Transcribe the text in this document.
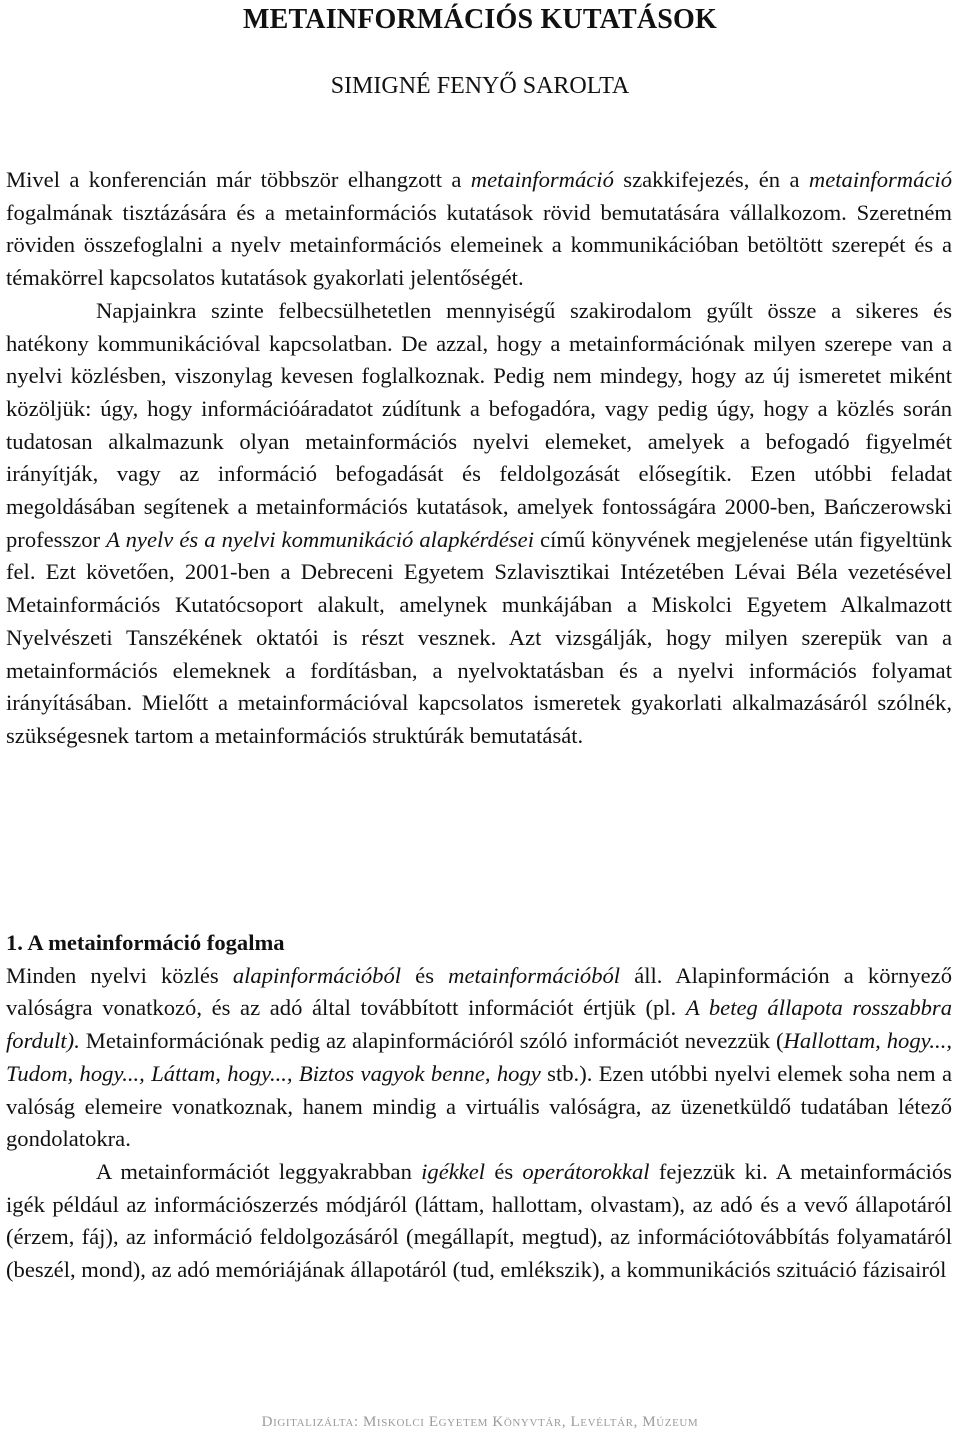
METAINFORMÁCIÓS KUTATÁSOK
SIMIGNÉ FENYŐ SAROLTA

Mivel a konferencián már többször elhangzott a metainformáció szakkifejezés, én a metainformáció fogalmának tisztázására és a metainformációs kutatások rövid bemutatására vállalkozom. Szeretném röviden összefoglalni a nyelv metainformációs elemeinek a kommunikációban betöltött szerepét és a témakörrel kapcsolatos kutatások gyakorlati jelentőségét.

Napjainkra szinte felbecsülhetetlen mennyiségű szakirodalom gyűlt össze a sikeres és hatékony kommunikációval kapcsolatban. De azzal, hogy a metainformációnak milyen szerepe van a nyelvi közlésben, viszonylag kevesen foglalkoznak. Pedig nem mindegy, hogy az új ismeretet miként közöljük: úgy, hogy információáradatot zúdítunk a befogadóra, vagy pedig úgy, hogy a közlés során tudatosan alkalmazunk olyan metainformációs nyelvi elemeket, amelyek a befogadó figyelmét irányítják, vagy az információ befogadását és feldolgozását elősegítik. Ezen utóbbi feladat megoldásában segítenek a metainformációs kutatások, amelyek fontosságára 2000-ben, Bańczerowski professzor A nyelv és a nyelvi kommunikáció alapkérdései című könyvének megjelenése után figyeltünk fel. Ezt követően, 2001-ben a Debreceni Egyetem Szlavisztikai Intézetében Lévai Béla vezetésével Metainformációs Kutatócsoport alakult, amelynek munkájában a Miskolci Egyetem Alkalmazott Nyelvészeti Tanszékének oktatói is részt vesznek. Azt vizsgálják, hogy milyen szerepük van a metainformációs elemeknek a fordításban, a nyelvoktatásban és a nyelvi információs folyamat irányításában. Mielőtt a metainformációval kapcsolatos ismeretek gyakorlati alkalmazásáról szólnék, szükségesnek tartom a metainformációs struktúrák bemutatását.

1. A metainformáció fogalma

Minden nyelvi közlés alapinformációból és metainformációból áll. Alapinformáción a környező valóságra vonatkozó, és az adó által továbbított információt értjük (pl. A beteg állapota rosszabbra fordult). Metainformációnak pedig az alapinformációról szóló információt nevezzük (Hallottam, hogy..., Tudom, hogy..., Láttam, hogy..., Biztos vagyok benne, hogy stb.). Ezen utóbbi nyelvi elemek soha nem a valóság elemeire vonatkoznak, hanem mindig a virtuális valóságra, az üzenetküldő tudatában létező gondolatokra.

A metainformációt leggyakrabban igékkel és operátorokkal fejezzük ki. A metainformációs igék például az információszerzés módjáról (láttam, hallottam, olvastam), az adó és a vevő állapotáról (érzem, fáj), az információ feldolgozásáról (megállapít, megtud), az információtovábbítás folyamatáról (beszél, mond), az adó memóriájának állapotáról (tud, emlékszik), a kommunikációs szituáció fázisairól

Digitalizálta: Miskolci Egyetem Könyvtár, Levéltár, Múzeum
